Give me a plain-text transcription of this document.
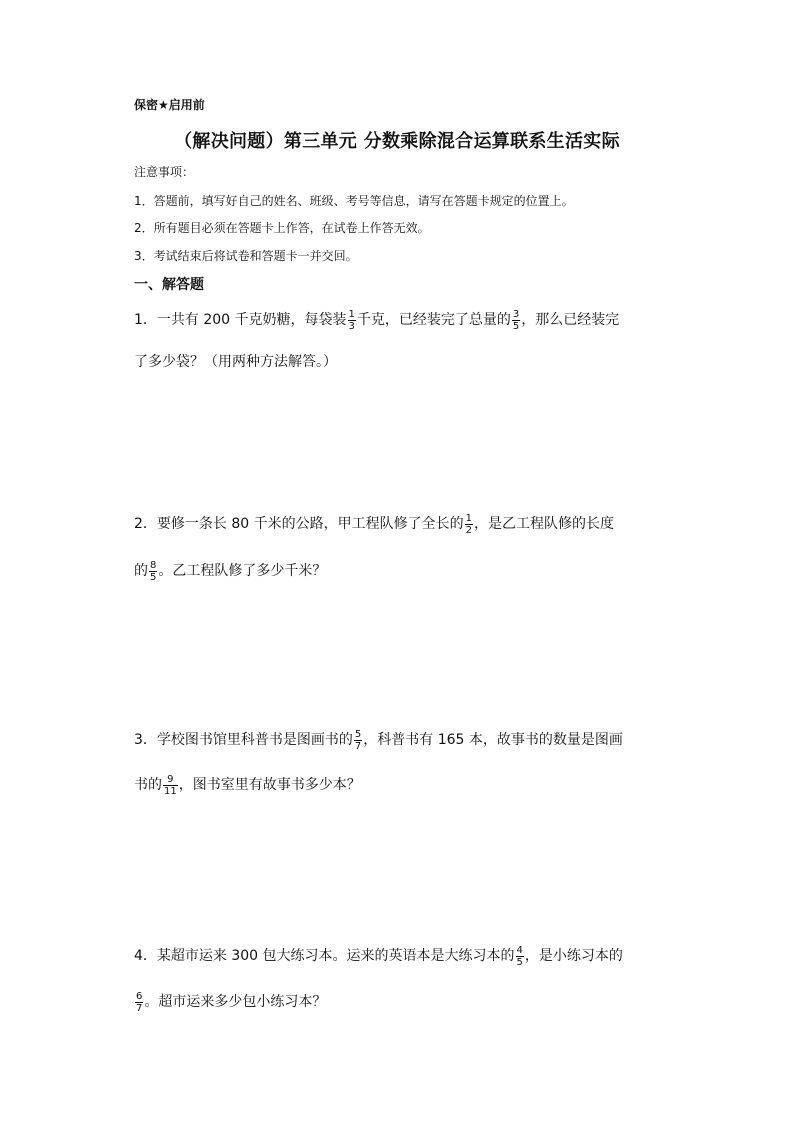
保密★启用前
（解决问题）第三单元 分数乘除混合运算联系生活实际
注意事项：
1．答题前，填写好自己的姓名、班级、考号等信息，请写在答题卡规定的位置上。
2．所有题目必须在答题卡上作答，在试卷上作答无效。
3．考试结束后将试卷和答题卡一并交回。
一、解答题
1．一共有 200 千克奶糖，每袋装 $\frac{1}{3}$ 千克，已经装完了总量的 $\frac{3}{5}$ ，那么已经装完
了多少袋？（用两种方法解答。）
2．要修一条长 80 千米的公路，甲工程队修了全长的 $\frac{1}{2}$ ，是乙工程队修的长度
的 $\frac{8}{5}$ 。乙工程队修了多少千米？
3．学校图书馆里科普书是图画书的 $\frac{5}{7}$ ，科普书有 165 本，故事书的数量是图画
书的 $\frac{9}{11}$ ，图书室里有故事书多少本？
4．某超市运来 300 包大练习本。运来的英语本是大练习本的 $\frac{4}{5}$ ，是小练习本的
$\frac{6}{7}$ 。超市运来多少包小练习本？
